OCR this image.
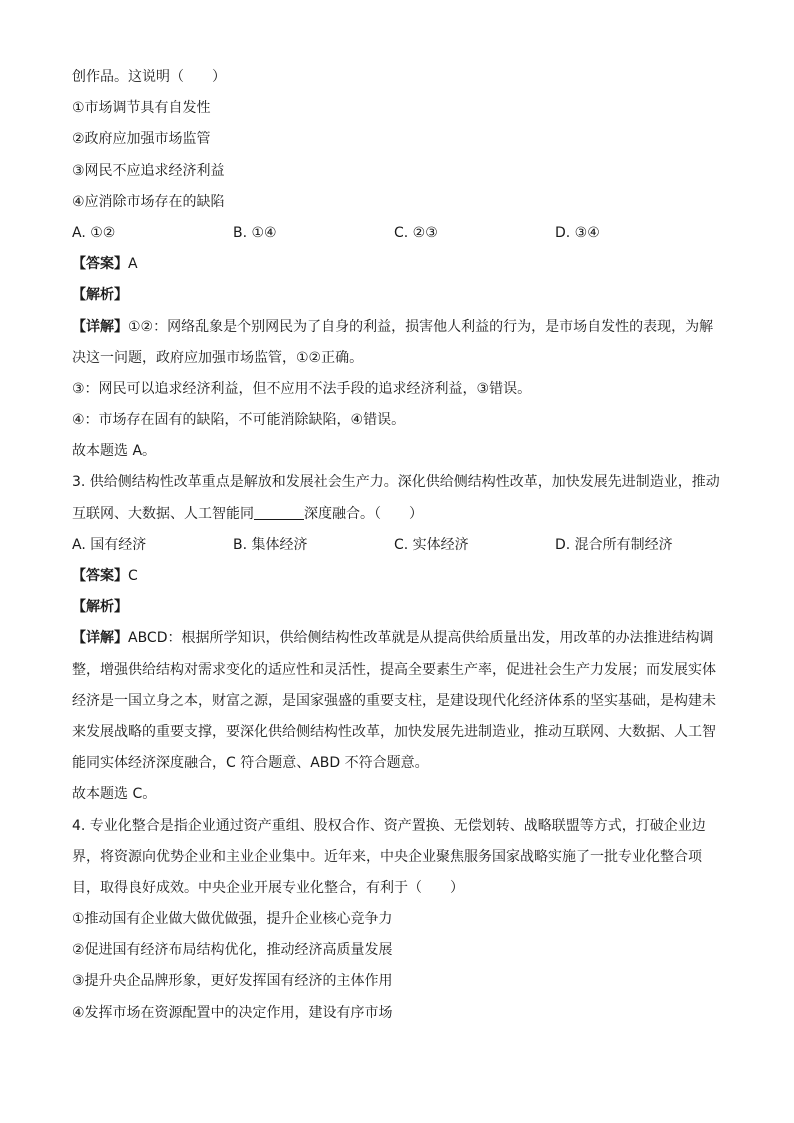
创作品。这说明（　　）
①市场调节具有自发性
②政府应加强市场监管
③网民不应追求经济利益
④应消除市场存在的缺陷
A. ①②	B. ①④	C. ②③	D. ③④
【答案】A
【解析】
【详解】①②：网络乱象是个别网民为了自身的利益，损害他人利益的行为，是市场自发性的表现，为解
决这一问题，政府应加强市场监管，①②正确。
③：网民可以追求经济利益，但不应用不法手段的追求经济利益，③错误。
④：市场存在固有的缺陷，不可能消除缺陷，④错误。
故本题选 A。
3. 供给侧结构性改革重点是解放和发展社会生产力。深化供给侧结构性改革，加快发展先进制造业，推动
互联网、大数据、人工智能同	深度融合。（　　）
A. 国有经济	B. 集体经济	C. 实体经济	D. 混合所有制经济
【答案】C
【解析】
【详解】ABCD：根据所学知识，供给侧结构性改革就是从提高供给质量出发，用改革的办法推进结构调
整，增强供给结构对需求变化的适应性和灵活性，提高全要素生产率，促进社会生产力发展；而发展实体
经济是一国立身之本，财富之源，是国家强盛的重要支柱，是建设现代化经济体系的坚实基础，是构建未
来发展战略的重要支撑，要深化供给侧结构性改革，加快发展先进制造业，推动互联网、大数据、人工智
能同实体经济深度融合，C 符合题意、ABD 不符合题意。
故本题选 C。
4. 专业化整合是指企业通过资产重组、股权合作、资产置换、无偿划转、战略联盟等方式，打破企业边
界，将资源向优势企业和主业企业集中。近年来，中央企业聚焦服务国家战略实施了一批专业化整合项
目，取得良好成效。中央企业开展专业化整合，有利于（　　）
①推动国有企业做大做优做强，提升企业核心竞争力
②促进国有经济布局结构优化，推动经济高质量发展
③提升央企品牌形象，更好发挥国有经济的主体作用
④发挥市场在资源配置中的决定作用，建设有序市场
